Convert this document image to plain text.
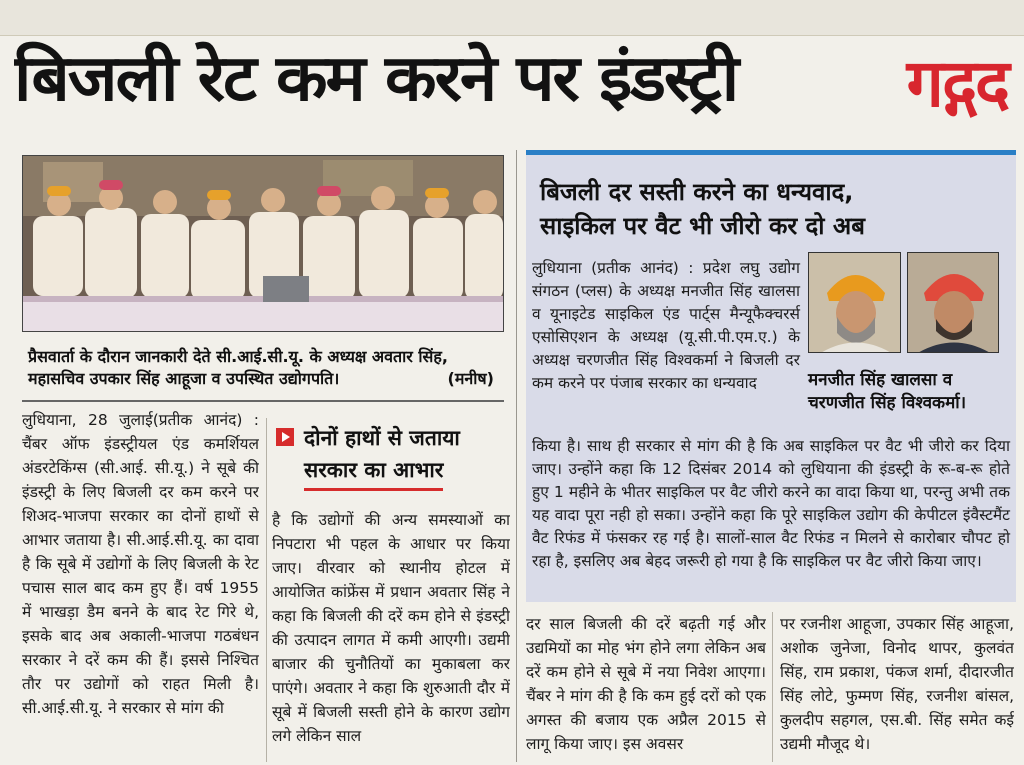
बिजली रेट कम करने पर इंडस्ट्री	गद्गद
प्रैसवार्ता के दौरान जानकारी देते सी.आई.सी.यू. के अध्यक्ष अवतार सिंह,
महासचिव उपकार सिंह आहूजा व उपस्थित उद्योगपति।	(मनीष)

लुधियाना, 28 जुलाई(प्रतीक आनंद) : चैंबर ऑफ इंडस्ट्रीयल एंड कमर्शियल अंडरटेकिंग्स (सी.आई. सी.यू.) ने सूबे की इंडस्ट्री के लिए बिजली दर कम करने पर शिअद-भाजपा सरकार का दोनों हाथों से आभार जताया है। सी.आई.सी.यू. का दावा है कि सूबे में उद्योगों के लिए बिजली के रेट पचास साल बाद कम हुए हैं। वर्ष 1955 में भाखड़ा डैम बनने के बाद रेट गिरे थे, इसके बाद अब अकाली-भाजपा गठबंधन सरकार ने दरें कम की हैं। इससे निश्चित तौर पर उद्योगों को राहत मिली है। सी.आई.सी.यू. ने सरकार से मांग की

दोनों हाथों से जताया
सरकार का आभार

है कि उद्योगों की अन्य समस्याओं का निपटारा भी पहल के आधार पर किया जाए। वीरवार को स्थानीय होटल में आयोजित कांफ्रेंस में प्रधान अवतार सिंह ने कहा कि बिजली की दरें कम होने से इंडस्ट्री की उत्पादन लागत में कमी आएगी। उद्यमी बाजार की चुनौतियों का मुकाबला कर पाएंगे। अवतार ने कहा कि शुरुआती दौर में सूबे में बिजली सस्ती होने के कारण उद्योग लगे लेकिन साल

दर साल बिजली की दरें बढ़ती गई और उद्यमियों का मोह भंग होने लगा लेकिन अब दरें कम होने से सूबे में नया निवेश आएगा। चैंबर ने मांग की है कि कम हुई दरों को एक अगस्त की बजाय एक अप्रैल 2015 से लागू किया जाए। इस अवसर

पर रजनीश आहूजा, उपकार सिंह आहूजा, अशोक जुनेजा, विनोद थापर, कुलवंत सिंह, राम प्रकाश, पंकज शर्मा, दीदारजीत सिंह लोटे, फुम्मण सिंह, रजनीश बांसल, कुलदीप सहगल, एस.बी. सिंह समेत कई उद्यमी मौजूद थे।

बिजली दर सस्ती करने का धन्यवाद,
साइकिल पर वैट भी जीरो कर दो अब
लुधियाना (प्रतीक आनंद) : प्रदेश लघु उद्योग संगठन (प्लस) के अध्यक्ष मनजीत सिंह खालसा व यूनाइटेड साइकिल एंड पार्ट्स मैन्यूफैक्चरर्स एसोसिएशन के अध्यक्ष (यू.सी.पी.एम.ए.) के अध्यक्ष चरणजीत सिंह विश्वकर्मा ने बिजली दर कम करने पर पंजाब सरकार का धन्यवाद	मनजीत सिंह खालसा व
चरणजीत सिंह विश्वकर्मा।
किया है। साथ ही सरकार से मांग की है कि अब साइकिल पर वैट भी जीरो कर दिया जाए। उन्होंने कहा कि 12 दिसंबर 2014 को लुधियाना की इंडस्ट्री के रू-ब-रू होते हुए 1 महीने के भीतर साइकिल पर वैट जीरो करने का वादा किया था, परन्तु अभी तक यह वादा पूरा नही हो सका। उन्होंने कहा कि पूरे साइकिल उद्योग की केपीटल इंवैस्टमैंट वैट रिफंड में फंसकर रह गई है। सालों-साल वैट रिफंड न मिलने से कारोबार चौपट हो रहा है, इसलिए अब बेहद जरूरी हो गया है कि साइकिल पर वैट जीरो किया जाए।
